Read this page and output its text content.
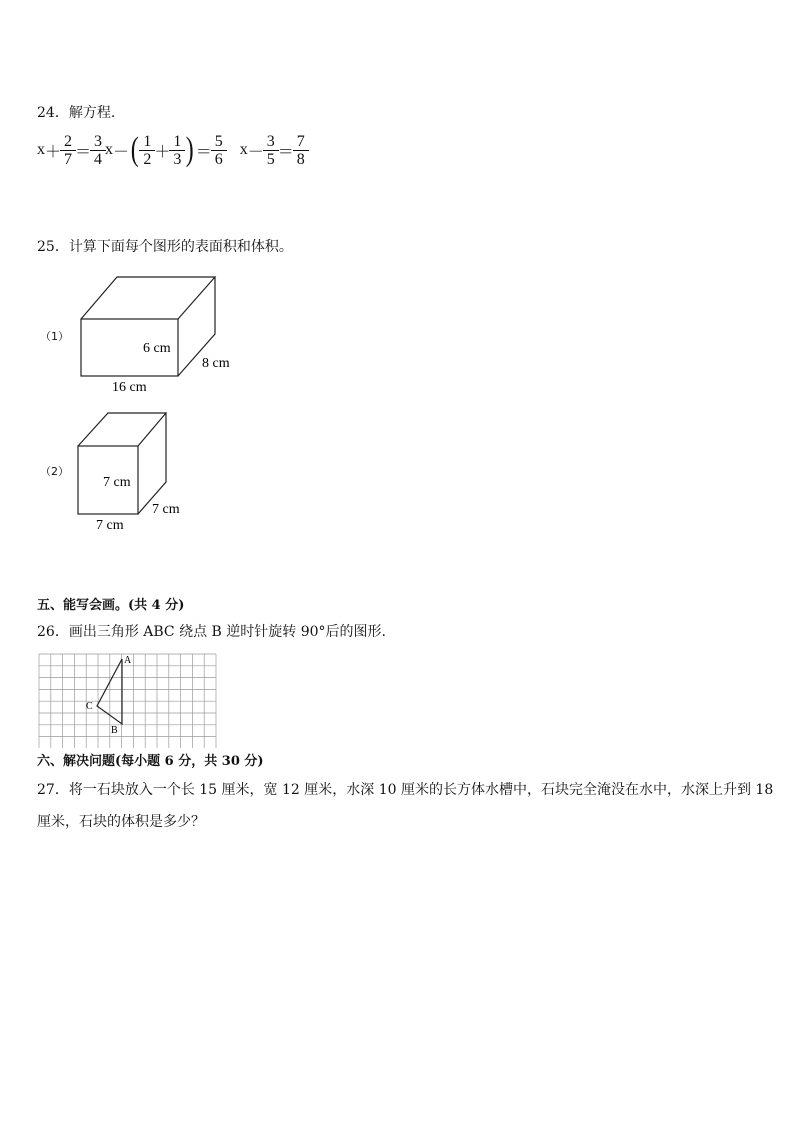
24．解方程.
$x + \frac{2}{7} = \frac{3}{4}$ x － ( $\frac{1}{2} + \frac{1}{3}$ ) ＝ $\frac{5}{6}$ $x - \frac{3}{5} = \frac{7}{8}$
25．计算下面每个图形的表面积和体积。
（1）
6 cm
8 cm
16 cm
（2）
7 cm
7 cm
7 cm
五、能写会画。(共 4 分)
26．画出三角形 ABC 绕点 B 逆时针旋转 90°后的图形.
A
B
C
六、解决问题(每小题 6 分，共 30 分)
27．将一石块放入一个长 15 厘米，宽 12 厘米，水深 10 厘米的长方体水槽中，石块完全淹没在水中，水深上升到 18
厘米，石块的体积是多少？
